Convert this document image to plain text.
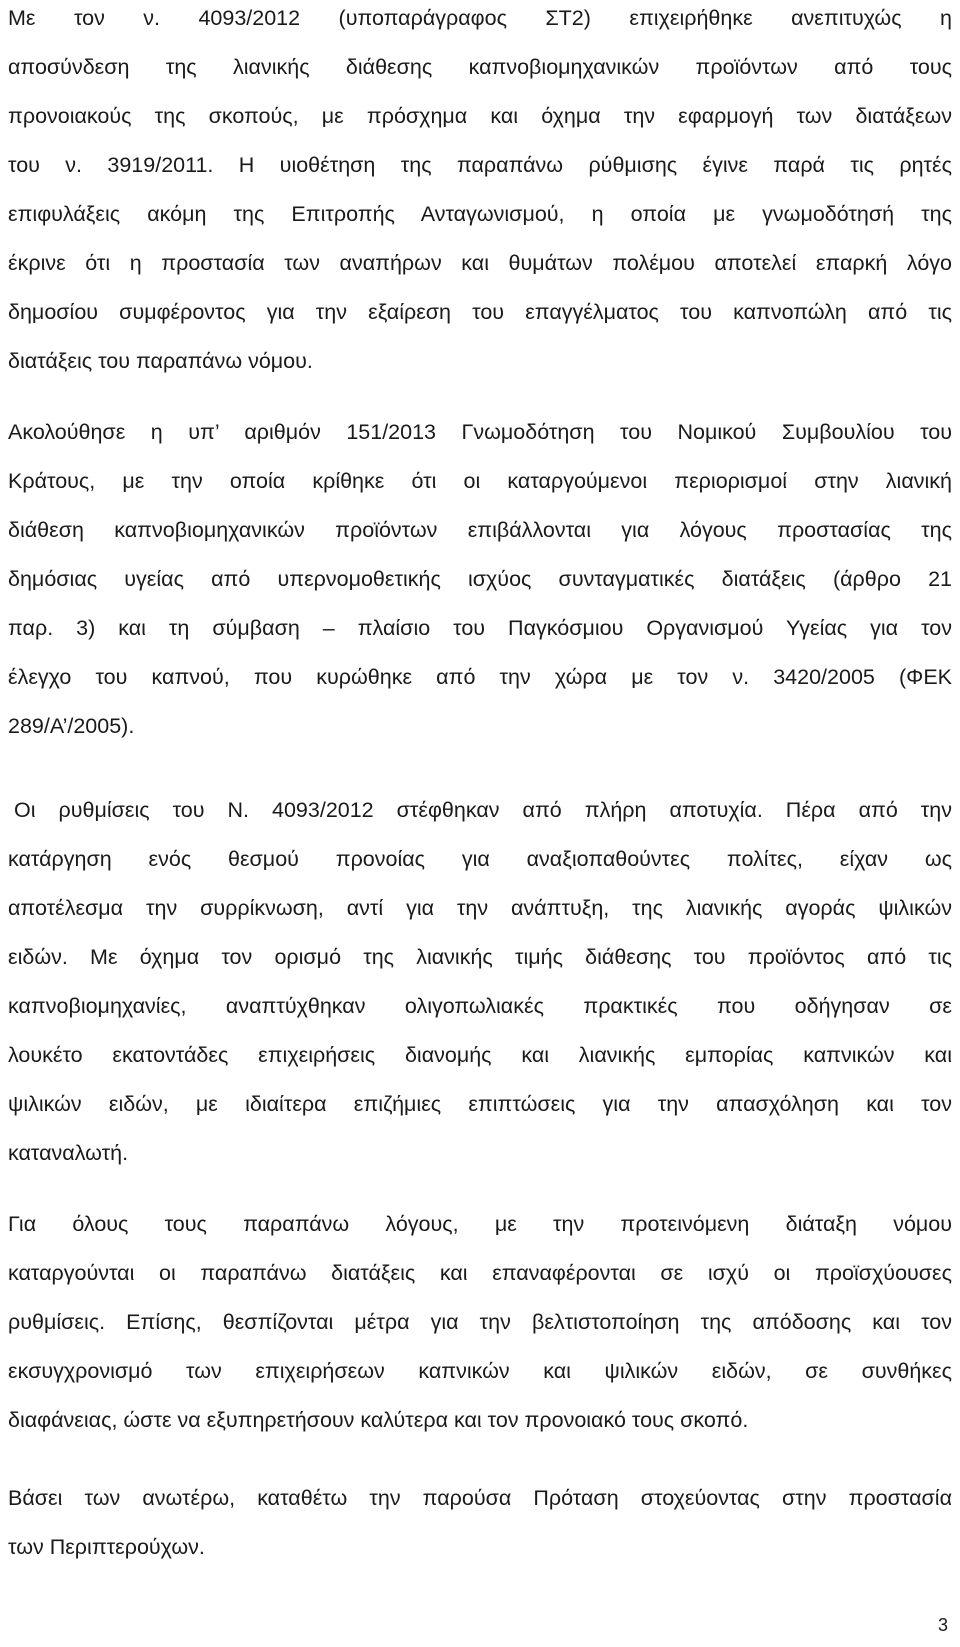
Με τον ν. 4093/2012 (υποπαράγραφος ΣΤ2) επιχειρήθηκε ανεπιτυχώς η
αποσύνδεση της λιανικής διάθεσης καπνοβιομηχανικών προϊόντων από τους
προνοιακούς της σκοπούς, με πρόσχημα και όχημα την εφαρμογή των διατάξεων
του ν. 3919/2011. Η υιοθέτηση της παραπάνω ρύθμισης έγινε παρά τις ρητές
επιφυλάξεις ακόμη της Επιτροπής Ανταγωνισμού, η οποία με γνωμοδότησή της
έκρινε ότι η προστασία των αναπήρων και θυμάτων πολέμου αποτελεί επαρκή λόγο
δημοσίου συμφέροντος για την εξαίρεση του επαγγέλματος του καπνοπώλη από τις
διατάξεις του παραπάνω νόμου.
Ακολούθησε η υπ’ αριθμόν 151/2013 Γνωμοδότηση του Νομικού Συμβουλίου του
Κράτους, με την οποία κρίθηκε ότι οι καταργούμενοι περιορισμοί στην λιανική
διάθεση καπνοβιομηχανικών προϊόντων επιβάλλονται για λόγους προστασίας της
δημόσιας υγείας από υπερνομοθετικής ισχύος συνταγματικές διατάξεις (άρθρο 21
παρ. 3) και τη σύμβαση – πλαίσιο του Παγκόσμιου Οργανισμού Υγείας για τον
έλεγχο του καπνού, που κυρώθηκε από την χώρα με τον ν. 3420/2005 (ΦΕΚ
289/Α’/2005).
Οι ρυθμίσεις του Ν. 4093/2012 στέφθηκαν από πλήρη αποτυχία. Πέρα από την
κατάργηση ενός θεσμού προνοίας για αναξιοπαθούντες πολίτες, είχαν ως
αποτέλεσμα την συρρίκνωση, αντί για την ανάπτυξη, της λιανικής αγοράς ψιλικών
ειδών. Με όχημα τον ορισμό της λιανικής τιμής διάθεσης του προϊόντος από τις
καπνοβιομηχανίες, αναπτύχθηκαν ολιγοπωλιακές πρακτικές που οδήγησαν σε
λουκέτο εκατοντάδες επιχειρήσεις διανομής και λιανικής εμπορίας καπνικών και
ψιλικών ειδών, με ιδιαίτερα επιζήμιες επιπτώσεις για την απασχόληση και τον
καταναλωτή.
Για όλους τους παραπάνω λόγους, με την προτεινόμενη διάταξη νόμου
καταργούνται οι παραπάνω διατάξεις και επαναφέρονται σε ισχύ οι προϊσχύουσες
ρυθμίσεις. Επίσης, θεσπίζονται μέτρα για την βελτιστοποίηση της απόδοσης και τον
εκσυγχρονισμό των επιχειρήσεων καπνικών και ψιλικών ειδών, σε συνθήκες
διαφάνειας, ώστε να εξυπηρετήσουν καλύτερα και τον προνοιακό τους σκοπό.
Βάσει των ανωτέρω, καταθέτω την παρούσα Πρόταση στοχεύοντας στην προστασία
των Περιπτερούχων.
3
